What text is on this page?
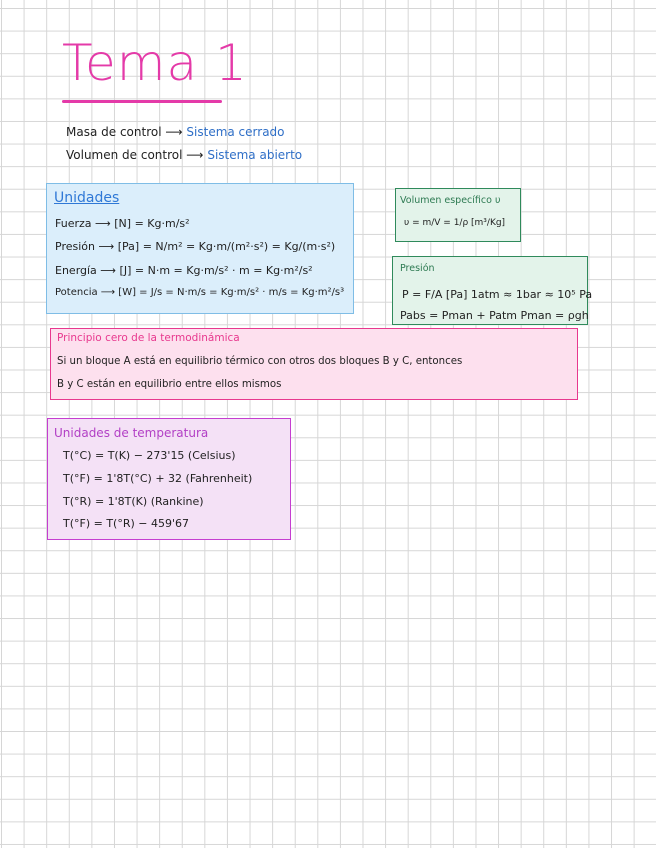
Tema 1
Masa de control ⟶ Sistema cerrado
Volumen de control ⟶ Sistema abierto
Unidades
Fuerza ⟶ [N] = Kg·m/s²
Presión ⟶ [Pa] = N/m² = Kg·m/(m²·s²) = Kg/(m·s²)
Energía ⟶ [J] = N·m = Kg·m/s² · m = Kg·m²/s²
Potencia ⟶ [W] = J/s = N·m/s = Kg·m/s² · m/s = Kg·m²/s³
Volumen específico υ
υ = m/V = 1/ρ [m³/Kg]
Presión
P = F/A [Pa] 1atm ≈ 1bar ≈ 10⁵ Pa
Pabs = Pman + Patm Pman = ρgh
Principio cero de la termodinámica
Si un bloque A está en equilibrio térmico con otros dos bloques B y C, entonces
B y C están en equilibrio entre ellos mismos
Unidades de temperatura
T(°C) = T(K) − 273'15 (Celsius)
T(°F) = 1'8T(°C) + 32 (Fahrenheit)
T(°R) = 1'8T(K) (Rankine)
T(°F) = T(°R) − 459'67
